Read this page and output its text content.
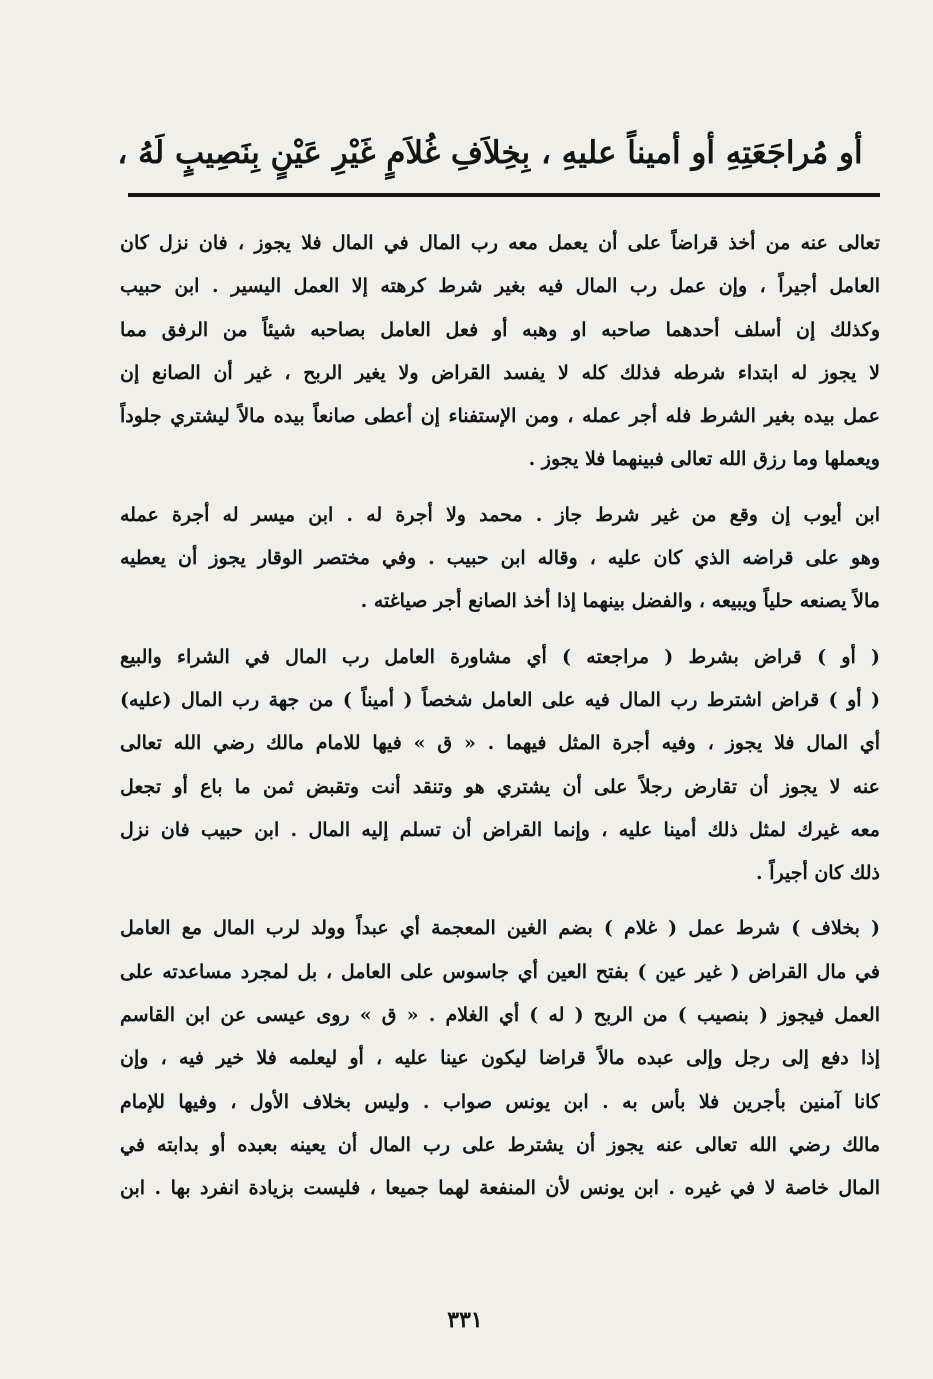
أو مُراجَعَتِهِ أو أميناً عليهِ ، بِخِلاَفِ غُلاَمٍ غَيْرِ عَيْنٍ بِنَصِيبٍ لَهُ ،
تعالى عنه من أخذ قراضاً على أن يعمل معه رب المال في المال فلا يجوز ، فان نزل كان
العامل أجيراً ، وإن عمل رب المال فيه بغير شرط كرهته إلا العمل اليسير . ابن حبيب
وكذلك إن أسلف أحدهما صاحبه او وهبه أو فعل العامل بصاحبه شيئاً من الرفق مما
لا يجوز له ابتداء شرطه فذلك كله لا يفسد القراض ولا يغير الربح ، غير أن الصانع إن
عمل بيده بغير الشرط فله أجر عمله ، ومن الإستفناء إن أعطى صانعاً بيده مالاً ليشتري جلوداً
ويعملها وما رزق الله تعالى فبينهما فلا يجوز .
ابن أيوب إن وقع من غير شرط جاز . محمد ولا أجرة له . ابن ميسر له أجرة عمله
وهو على قراضه الذي كان عليه ، وقاله ابن حبيب . وفي مختصر الوقار يجوز أن يعطيه
مالاً يصنعه حلياً ويبيعه ، والفضل بينهما إذا أخذ الصانع أجر صياغته .
( أو ) قراض بشرط ( مراجعته ) أي مشاورة العامل رب المال في الشراء والبيع
( أو ) قراض اشترط رب المال فيه على العامل شخصاً ( أميناً ) من جهة رب المال (عليه)
أي المال فلا يجوز ، وفيه أجرة المثل فيهما . « ق » فيها للامام مالك رضي الله تعالى
عنه لا يجوز أن تقارض رجلاً على أن يشتري هو وتنقد أنت وتقبض ثمن ما باع أو تجعل
معه غيرك لمثل ذلك أمينا عليه ، وإنما القراض أن تسلم إليه المال . ابن حبيب فان نزل
ذلك كان أجيراً .
( بخلاف ) شرط عمل ( غلام ) بضم الغين المعجمة أي عبداً وولد لرب المال مع العامل
في مال القراض ( غير عين ) بفتح العين أي جاسوس على العامل ، بل لمجرد مساعدته على
العمل فيجوز ( بنصيب ) من الربح ( له ) أي الغلام . « ق » روى عيسى عن ابن القاسم
إذا دفع إلى رجل وإلى عبده مالاً قراضا ليكون عينا عليه ، أو ليعلمه فلا خير فيه ، وإن
كانا آمنين بأجرين فلا بأس به . ابن يونس صواب . وليس بخلاف الأول ، وفيها للإمام
مالك رضي الله تعالى عنه يجوز أن يشترط على رب المال أن يعينه بعبده أو بدابته في
المال خاصة لا في غيره . ابن يونس لأن المنفعة لهما جميعا ، فليست بزيادة انفرد بها . ابن
٣٣١
